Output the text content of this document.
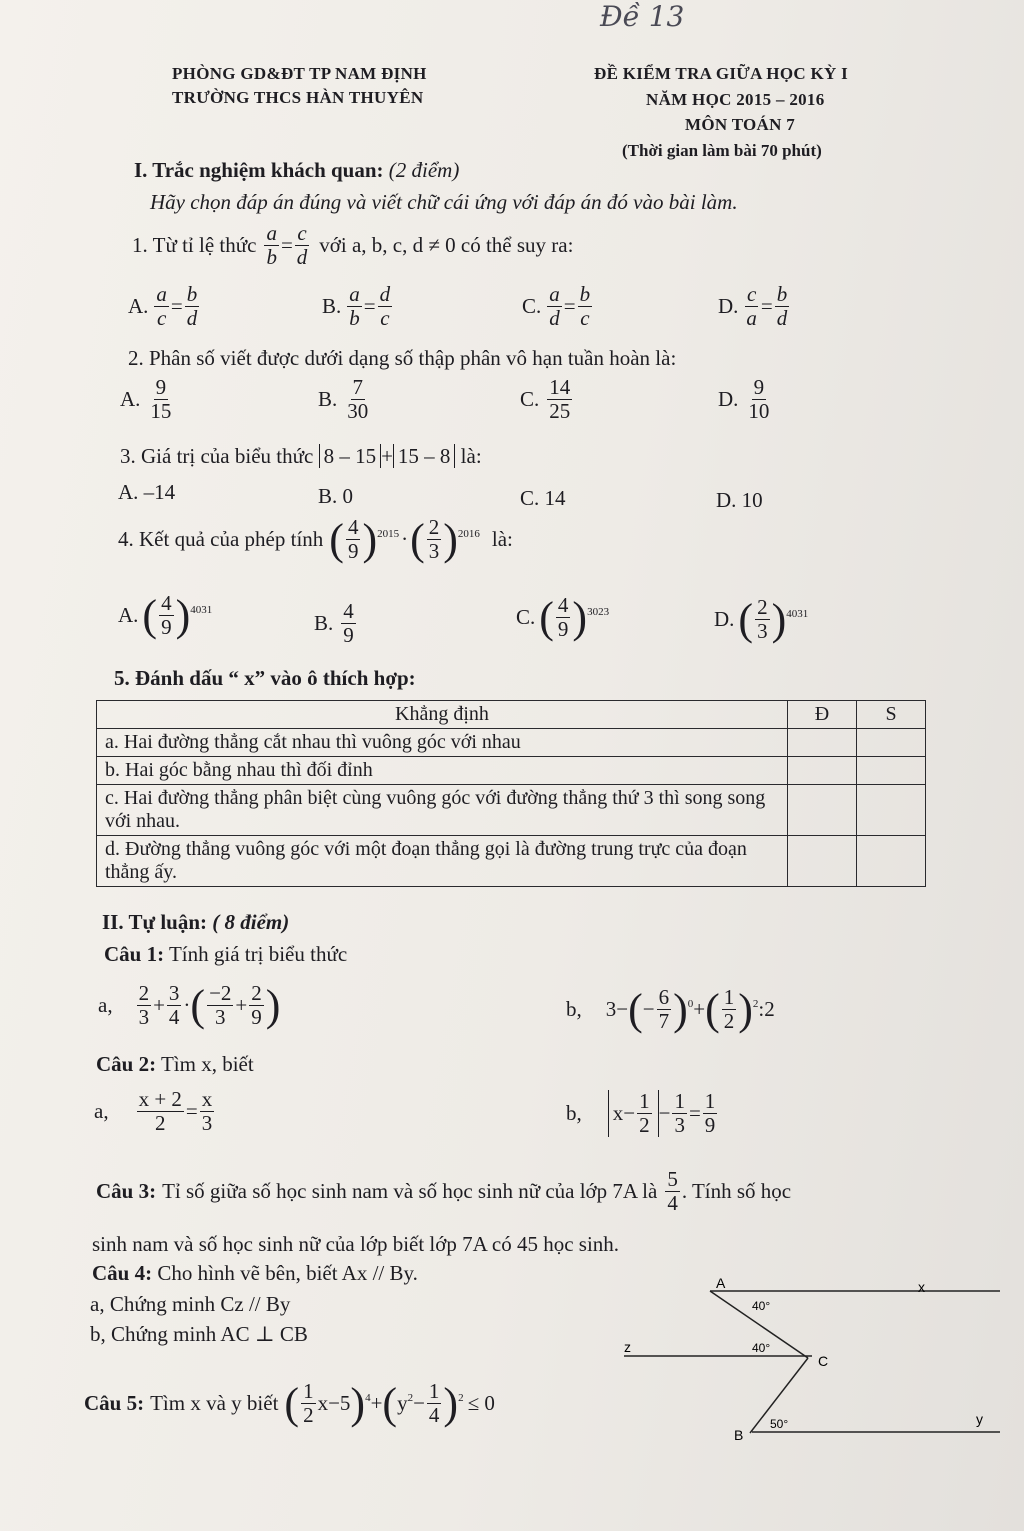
Đề 13
PHÒNG GD&ĐT TP NAM ĐỊNH
TRƯỜNG THCS HÀN THUYÊN
ĐỀ KIỂM TRA GIỮA HỌC KỲ I
NĂM HỌC 2015 – 2016
MÔN TOÁN 7
(Thời gian làm bài 70 phút)
I. Trắc nghiệm khách quan: (2 điểm)
Hãy chọn đáp án đúng và viết chữ cái ứng với đáp án đó vào bài làm.
1. Từ tỉ lệ thức $\frac{a}{b} = \frac{c}{d}$ với a, b, c, d ≠ 0 có thể suy ra:
A. $\frac{a}{c} = \frac{b}{d}$	B. $\frac{a}{b} = \frac{d}{c}$	C. $\frac{a}{d} = \frac{b}{c}$	D. $\frac{c}{a} = \frac{b}{d}$
2. Phân số viết được dưới dạng số thập phân vô hạn tuần hoàn là:
A. $\frac{9}{15}$	B. $\frac{7}{30}$	C. $\frac{14}{25}$	D. $\frac{9}{10}$
3. Giá trị của biểu thức 8 – 15 + 15 – 8 là:
A. –14	B. 0	C. 14	D. 10
4. Kết quả của phép tính ( $\frac{4}{9}$ ) 2015 · ( $\frac{2}{3}$ ) 2016 là:
A. ( $\frac{4}{9}$ ) 4031
B. $\frac{4}{9}$	C. ( $\frac{4}{9}$ ) 3023	D. ( $\frac{2}{3}$ ) 4031
5. Đánh dấu “ x” vào ô thích hợp:
Khẳng định	Đ	S
a. Hai đường thẳng cắt nhau thì vuông góc với nhau		
b. Hai góc bằng nhau thì đối đỉnh		
c. Hai đường thẳng phân biệt cùng vuông góc với đường thẳng thứ 3 thì song song với nhau.		
d. Đường thẳng vuông góc với một đoạn thẳng gọi là đường trung trực của đoạn thẳng ấy.		
II. Tự luận: ( 8 điểm)
Câu 1: Tính giá trị biểu thức
a, $\frac{2}{3} + \frac{3}{4}$ · ( $\frac{-2}{3} + \frac{2}{9}$ )	b, 3− ( − $\frac{6}{7}$ ) 0 + ( $\frac{1}{2}$ ) 2 :2
Câu 2: Tìm x, biết
a, $\frac{x + 2}{2} = \frac{x}{3}$	b, $x- \frac{1}{2} - \frac{1}{3} = \frac{1}{9}$
Câu 3: Tỉ số giữa số học sinh nam và số học sinh nữ của lớp 7A là $\frac{5}{4}$ . Tính số học
sinh nam và số học sinh nữ của lớp biết lớp 7A có 45 học sinh.
Câu 4: Cho hình vẽ bên, biết Ax // By.
a, Chứng minh Cz // By
b, Chứng minh AC ⊥ CB
Câu 5: Tìm x và y biết ( $\frac{1}{2} x-5$ ) 4 + ( y $2 - \frac{1}{4}$ ) 2 ≤ 0
A	x
z
C
B
y
40°
40°
50°
